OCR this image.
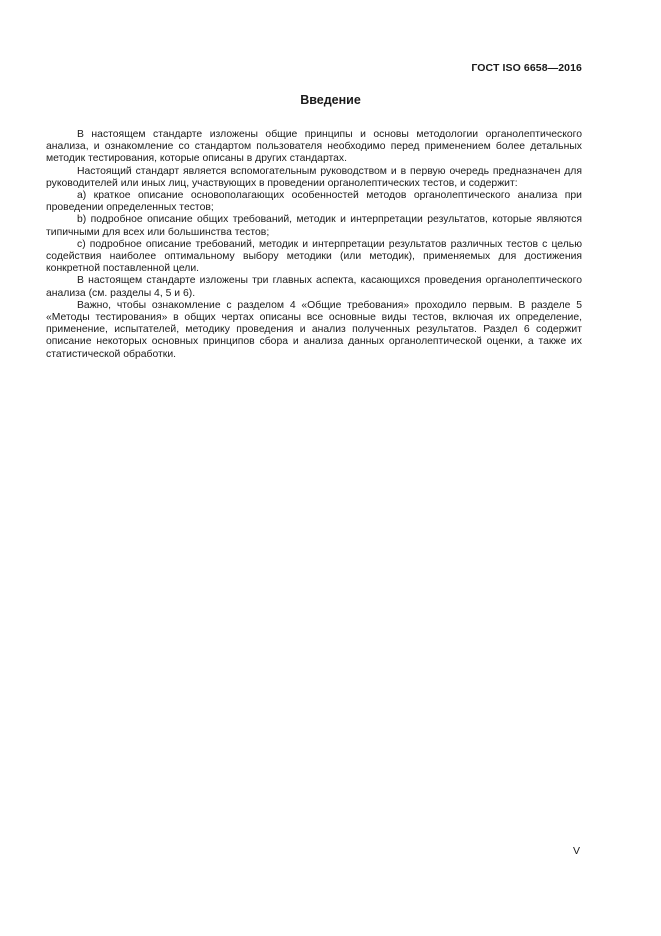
ГОСТ ISO 6658—2016
Введение

В настоящем стандарте изложены общие принципы и основы методологии органолептического анализа, и ознакомление со стандартом пользователя необходимо перед применением более детальных методик тестирования, которые описаны в других стандартах.

Настоящий стандарт является вспомогательным руководством и в первую очередь предназначен для руководителей или иных лиц, участвующих в проведении органолептических тестов, и содержит:

a) краткое описание основополагающих особенностей методов органолептического анализа при проведении определенных тестов;

b) подробное описание общих требований, методик и интерпретации результатов, которые являются типичными для всех или большинства тестов;

c) подробное описание требований, методик и интерпретации результатов различных тестов с целью содействия наиболее оптимальному выбору методики (или методик), применяемых для достижения конкретной поставленной цели.

В настоящем стандарте изложены три главных аспекта, касающихся проведения органолептического анализа (см. разделы 4, 5 и 6).

Важно, чтобы ознакомление с разделом 4 «Общие требования» проходило первым. В разделе 5 «Методы тестирования» в общих чертах описаны все основные виды тестов, включая их определение, применение, испытателей, методику проведения и анализ полученных результатов. Раздел 6 содержит описание некоторых основных принципов сбора и анализа данных органолептической оценки, а также их статистической обработки.

V
